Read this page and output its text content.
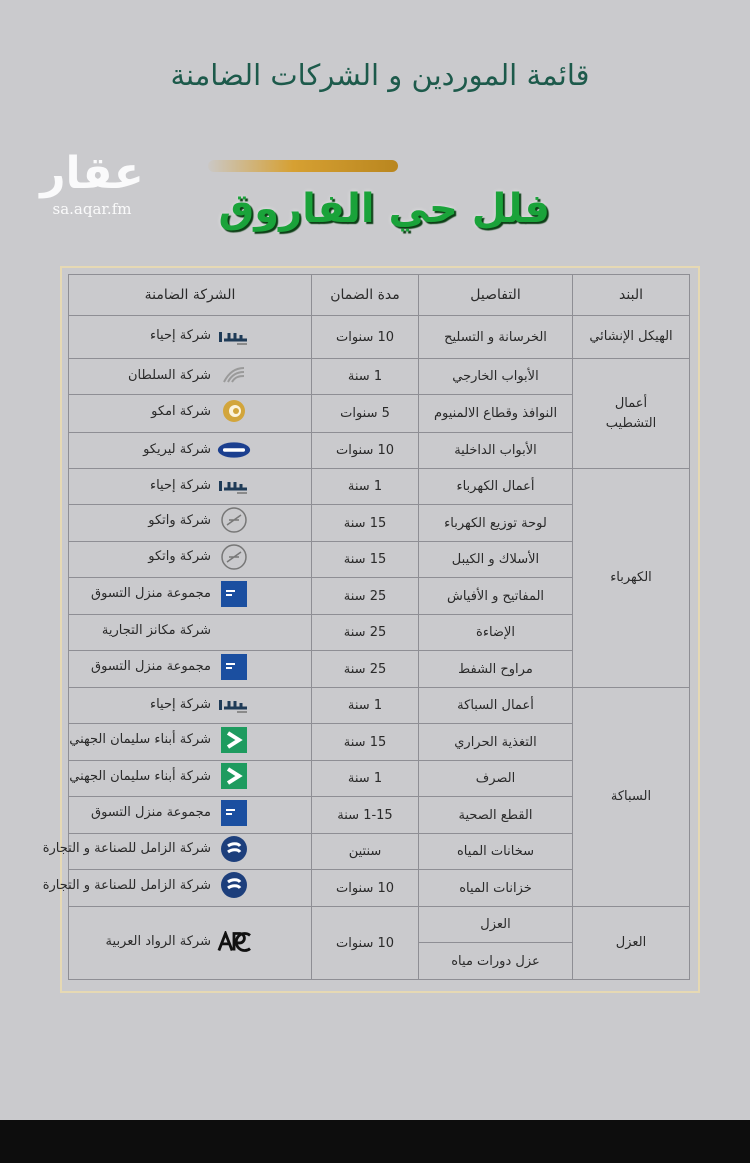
قائمة الموردين و الشركات الضامنة
فلل حي الفاروق
عقار
sa.aqar.fm
البند	التفاصيل	مدة الضمان	الشركة الضامنة

الهيكل الإنشائي	الخرسانة و التسليح	10 سنوات	شركة إحياء

أعمال التشطيب	الأبواب الخارجي	1 سنة	شركة السلطان

	النوافذ وقطاع الالمنيوم	5 سنوات	شركة امكو

	الأبواب الداخلية	10 سنوات	شركة ليريكو

الكهرباء	أعمال الكهرباء	1 سنة	شركة إحياء

	لوحة توزيع الكهرباء	15 سنة	شركة واتكو

	الأسلاك و الكيبل	15 سنة	شركة واتكو

	المفاتيح و الأفياش	25 سنة	مجموعة منزل التسوق

	الإضاءة	25 سنة	شركة مكانز التجارية

	مراوح الشفط	25 سنة	مجموعة منزل التسوق

السباكة	أعمال السباكة	1 سنة	شركة إحياء

	التغذية الحراري	15 سنة	شركة أبناء سليمان الجهني

	الصرف	1 سنة	شركة أبناء سليمان الجهني

	القطع الصحية	1-15 سنة	مجموعة منزل التسوق

	سخانات المياه	سنتين	شركة الزامل للصناعة و التجارة

	خزانات المياه	10 سنوات	شركة الزامل للصناعة و التجارة

العزل	العزل	10 سنوات	شركة الرواد العربية

	عزل دورات مياه		
